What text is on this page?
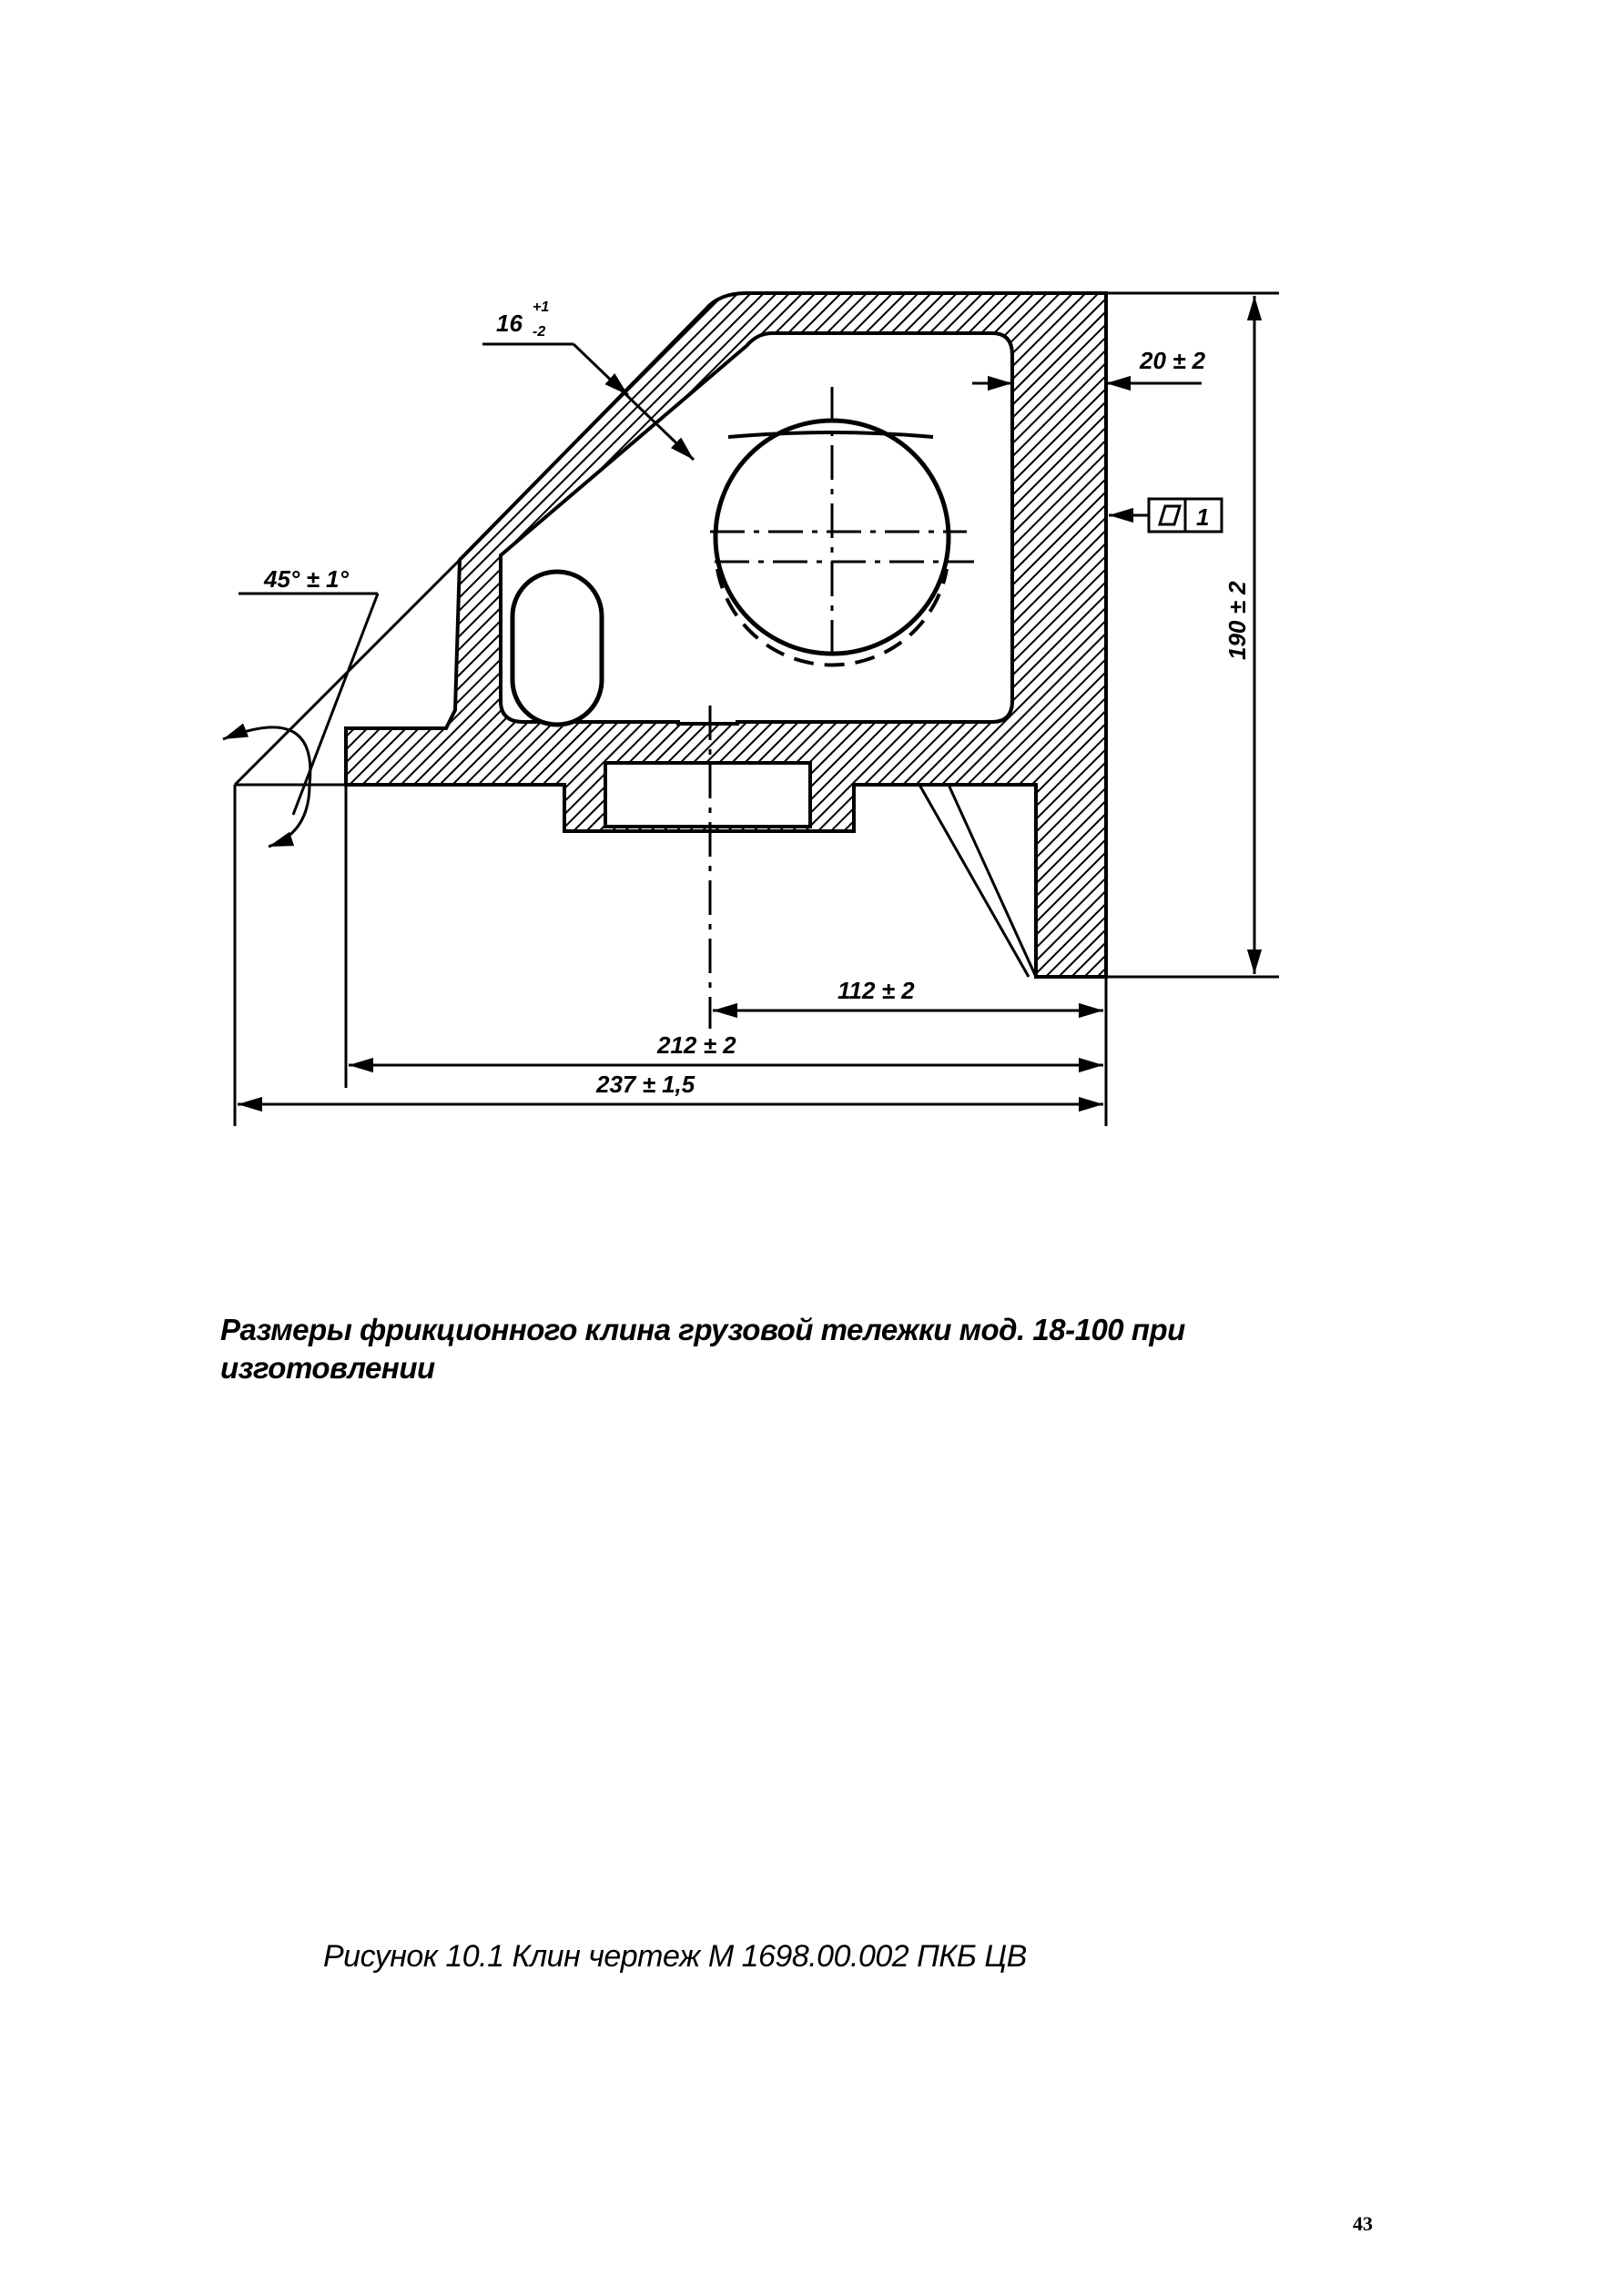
45° ± 1°
16
+1
-2
20 ± 2
1
190 ± 2
112 ± 2
212 ± 2
237 ± 1,5
Размеры фрикционного клина грузовой тележки мод. 18-100 при изготовлении
Рисунок 10.1 Клин чертеж М 1698.00.002 ПКБ ЦВ
43
